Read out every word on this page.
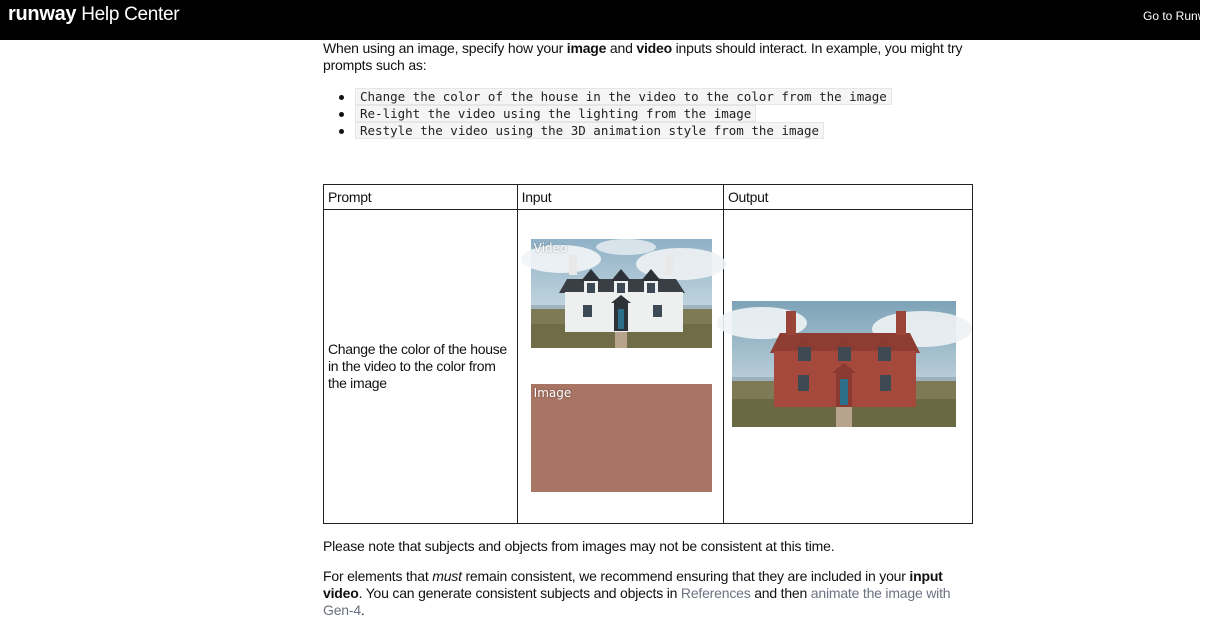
runway Help Center	Go to Runwa

When using an image, specify how your image and video inputs should interact. In example, you might try prompts such as:

Change the color of the house in the video to the color from the image
Re-light the video using the lighting from the image
Restyle the video using the 3D animation style from the image
Prompt	Input	Output
Change the color of the house in the video to the color from the image	Video
Image

Please note that subjects and objects from images may not be consistent at this time.

For elements that must remain consistent, we recommend ensuring that they are included in your input video. You can generate consistent subjects and objects in References and then animate the image with Gen-4.
